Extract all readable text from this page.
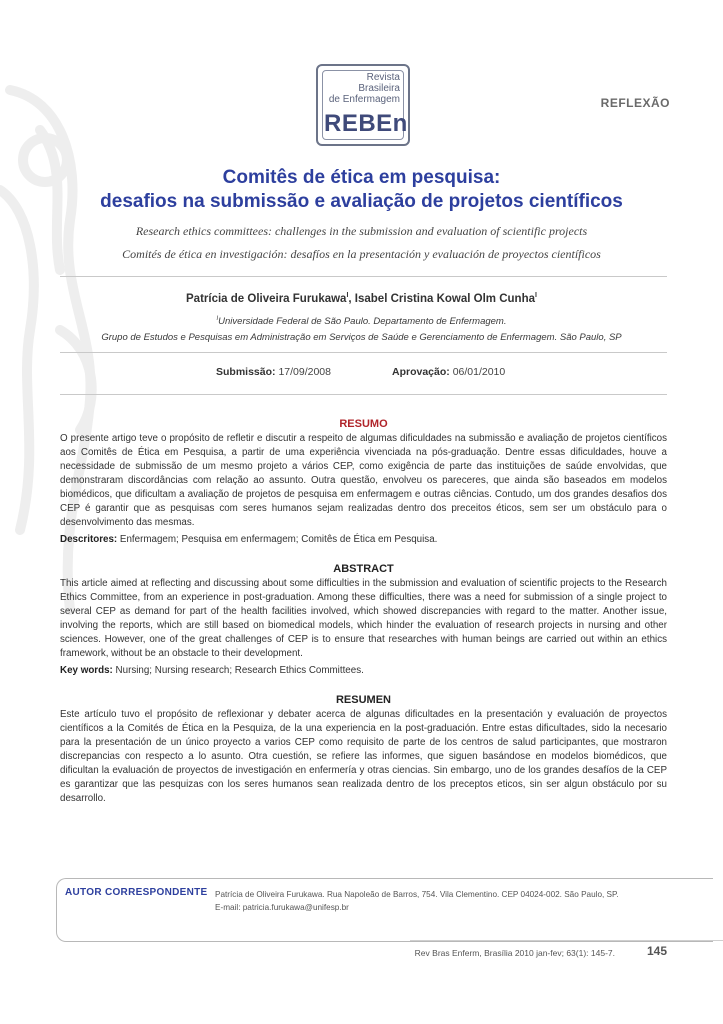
Revista
Brasileira
de Enfermagem
REBEn
REFLEXÃO
Comitês de ética em pesquisa:
desafios na submissão e avaliação de projetos científicos
Research ethics committees: challenges in the submission and evaluation of scientific projects
Comités de ética en investigación: desafíos en la presentación y evaluación de proyectos científicos
Patrícia de Oliveira Furukawa$^I$, Isabel Cristina Kowal Olm Cunha$^I$
$^I$Universidade Federal de São Paulo. Departamento de Enfermagem.
Grupo de Estudos e Pesquisas em Administração em Serviços de Saúde e Gerenciamento de Enfermagem. São Paulo, SP
Submissão: 17/09/2008	Aprovação: 06/01/2010
RESUMO
O presente artigo teve o propósito de refletir e discutir a respeito de algumas dificuldades na submissão e avaliação de projetos científicos aos Comitês de Ética em Pesquisa, a partir de uma experiência vivenciada na pós-graduação. Dentre essas dificuldades, houve a necessidade de submissão de um mesmo projeto a vários CEP, como exigência de parte das instituições de saúde envolvidas, que demonstraram discordâncias com relação ao assunto. Outra questão, envolveu os pareceres, que ainda são baseados em modelos biomédicos, que dificultam a avaliação de projetos de pesquisa em enfermagem e outras ciências. Contudo, um dos grandes desafios dos CEP é garantir que as pesquisas com seres humanos sejam realizadas dentro dos preceitos éticos, sem ser um obstáculo para o desenvolvimento das mesmas.
Descritores: Enfermagem; Pesquisa em enfermagem; Comitês de Ética em Pesquisa.
ABSTRACT
This article aimed at reflecting and discussing about some difficulties in the submission and evaluation of scientific projects to the Research Ethics Committee, from an experience in post-graduation. Among these difficulties, there was a need for submission of a single project to several CEP as demand for part of the health facilities involved, which showed discrepancies with regard to the matter. Another issue, involving the reports, which are still based on biomedical models, which hinder the evaluation of research projects in nursing and other sciences. However, one of the great challenges of CEP is to ensure that researches with human beings are carried out within an ethics framework, without be an obstacle to their development.
Key words: Nursing; Nursing research; Research Ethics Committees.
RESUMEN
Este artículo tuvo el propósito de reflexionar y debater acerca de algunas dificultades en la presentación y evaluación de proyectos científicos a la Comités de Ética en la Pesquiza, de la una experiencia en la post-graduación. Entre estas dificultades, sido la necesario para la presentación de un único proyecto a varios CEP como requisito de parte de los centros de salud participantes, que mostraron discrepancias con respecto a lo asunto. Otra cuestión, se refiere las informes, que siguen basándose en modelos biomédicos, que dificultan la evaluación de proyectos de investigación en enfermería y otras ciencias. Sin embargo, uno de los grandes desafíos de la CEP es garantizar que las pesquizas con los seres humanos sean realizada dentro de los preceptos eticos, sin ser algun obstáculo por su desarrollo.
AUTOR CORRESPONDENTE Patrícia de Oliveira Furukawa. Rua Napoleão de Barros, 754. Vila Clementino. CEP 04024-002. São Paulo, SP.
E-mail: patricia.furukawa@unifesp.br
Rev Bras Enferm, Brasília 2010 jan-fev; 63(1): 145-7.	145
